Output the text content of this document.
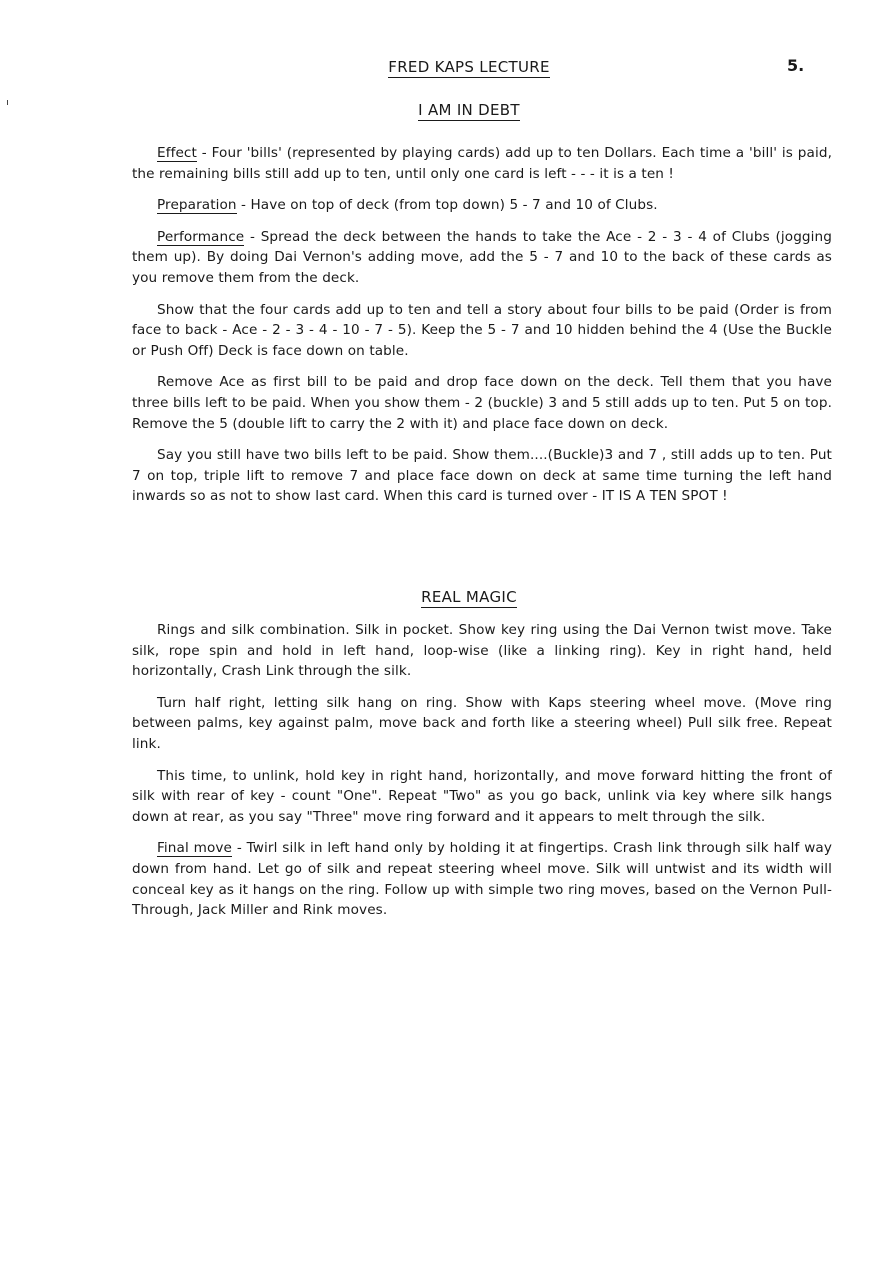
FRED KAPS LECTURE	5.
I AM IN DEBT

Effect - Four 'bills' (represented by playing cards) add up to ten Dollars. Each time a 'bill' is paid, the remaining bills still add up to ten, until only one card is left - - - it is a ten !

Preparation - Have on top of deck (from top down) 5 - 7 and 10 of Clubs.

Performance - Spread the deck between the hands to take the Ace - 2 - 3 - 4 of Clubs (jogging them up). By doing Dai Vernon's adding move, add the 5 - 7 and 10 to the back of these cards as you remove them from the deck.

Show that the four cards add up to ten and tell a story about four bills to be paid (Order is from face to back - Ace - 2 - 3 - 4 - 10 - 7 - 5). Keep the 5 - 7 and 10 hidden behind the 4 (Use the Buckle or Push Off) Deck is face down on table.

Remove Ace as first bill to be paid and drop face down on the deck. Tell them that you have three bills left to be paid. When you show them - 2 (buckle) 3 and 5 still adds up to ten. Put 5 on top. Remove the 5 (double lift to carry the 2 with it) and place face down on deck.

Say you still have two bills left to be paid. Show them....(Buckle)3 and 7 , still adds up to ten. Put 7 on top, triple lift to remove 7 and place face down on deck at same time turning the left hand inwards so as not to show last card. When this card is turned over - IT IS A TEN SPOT !

REAL MAGIC

Rings and silk combination. Silk in pocket. Show key ring using the Dai Vernon twist move. Take silk, rope spin and hold in left hand, loop-wise (like a linking ring). Key in right hand, held horizontally, Crash Link through the silk.

Turn half right, letting silk hang on ring. Show with Kaps steering wheel move. (Move ring between palms, key against palm, move back and forth like a steering wheel) Pull silk free. Repeat link.

This time, to unlink, hold key in right hand, horizontally, and move forward hitting the front of silk with rear of key - count "One". Repeat "Two" as you go back, unlink via key where silk hangs down at rear, as you say "Three" move ring forward and it appears to melt through the silk.

Final move - Twirl silk in left hand only by holding it at fingertips. Crash link through silk half way down from hand. Let go of silk and repeat steering wheel move. Silk will untwist and its width will conceal key as it hangs on the ring. Follow up with simple two ring moves, based on the Vernon Pull-Through, Jack Miller and Rink moves.
